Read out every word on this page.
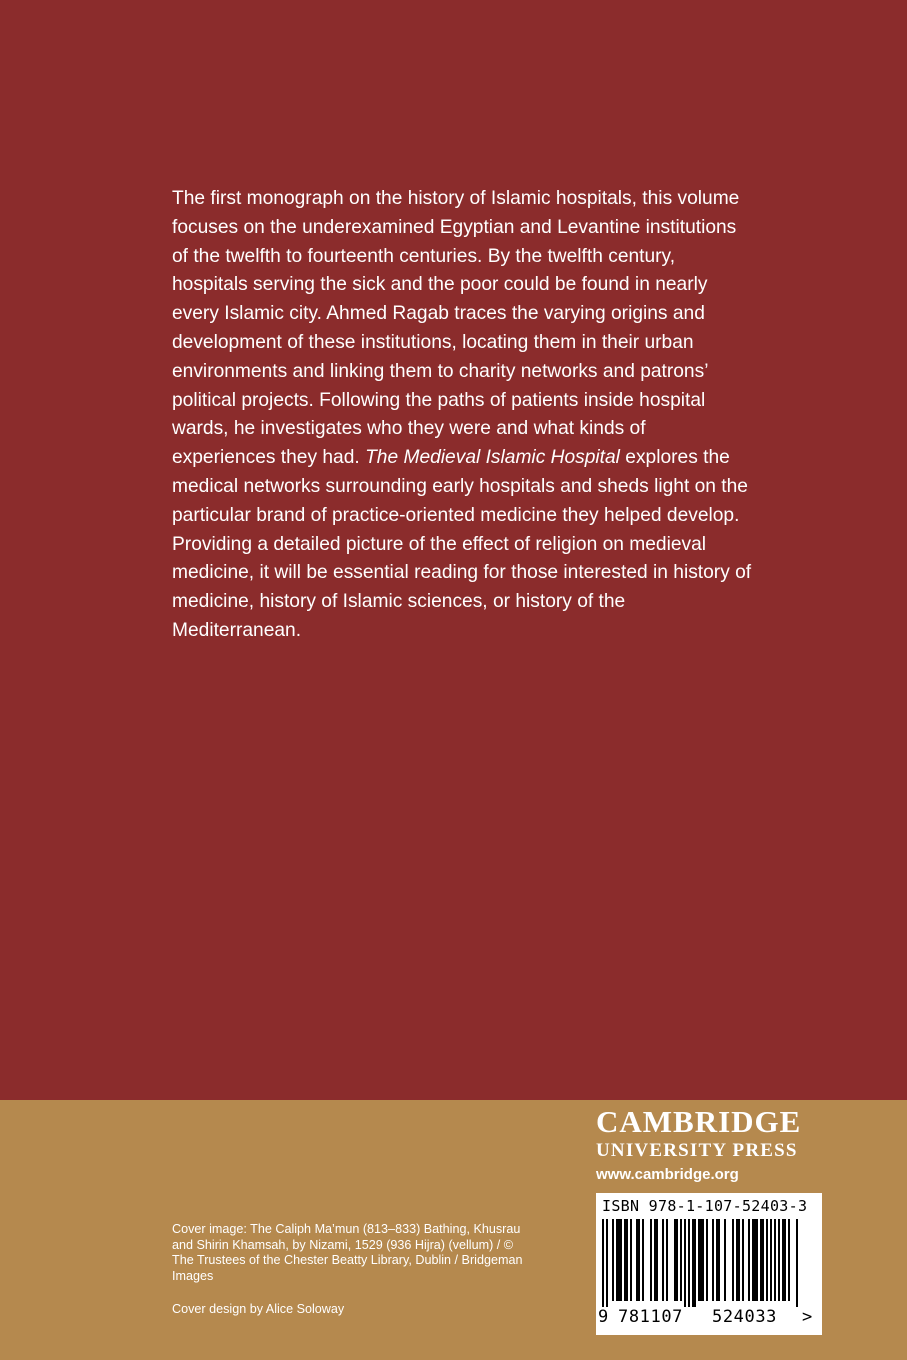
The first monograph on the history of Islamic hospitals, this volume focuses on the underexamined Egyptian and Levantine institutions of the twelfth to fourteenth centuries. By the twelfth century, hospitals serving the sick and the poor could be found in nearly every Islamic city. Ahmed Ragab traces the varying origins and development of these institutions, locating them in their urban environments and linking them to charity networks and patrons’ political projects. Following the paths of patients inside hospital wards, he investigates who they were and what kinds of experiences they had. The Medieval Islamic Hospital explores the medical networks surrounding early hospitals and sheds light on the particular brand of practice-oriented medicine they helped develop. Providing a detailed picture of the effect of religion on medieval medicine, it will be essential reading for those interested in history of medicine, history of Islamic sciences, or history of the Mediterranean.
CAMBRIDGE
UNIVERSITY PRESS
www.cambridge.org
ISBN 978-1-107-52403-3
9 781107 524033 >
Cover image: The Caliph Ma’mun (813–833) Bathing, Khusrau and Shirin Khamsah, by Nizami, 1529 (936 Hijra) (vellum) / © The Trustees of the Chester Beatty Library, Dublin / Bridgeman Images
Cover design by Alice Soloway
